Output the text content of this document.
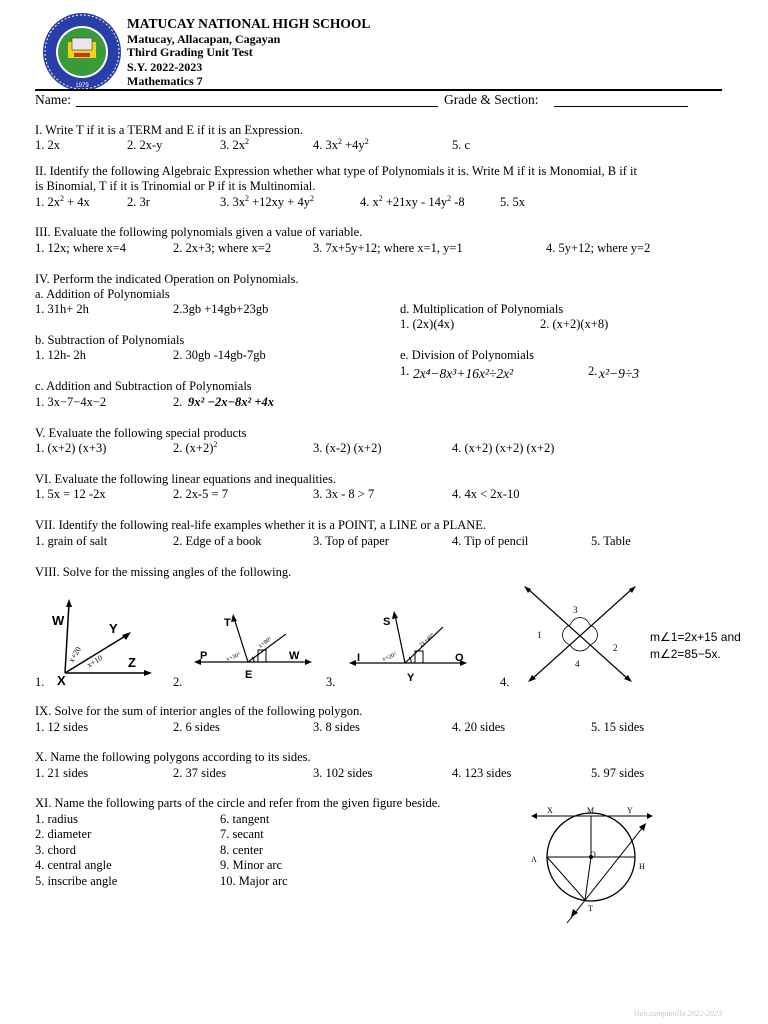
1979
MATUCAY NATIONAL HIGH SCHOOL
Matucay, Allacapan, Cagayan
Third Grading Unit Test
S.Y. 2022-2023
Mathematics 7
Name:	Grade & Section:
I. Write T if it is a TERM and E if it is an Expression.
1. 2x	2. 2x-y	3. $2x^2$	4. $3x^2 +4y^2$	5. c
II. Identify the following Algebraic Expression whether what type of Polynomials it is. Write M if it is Monomial, B if it
is Binomial, T if it is Trinomial or P if it is Multinomial.
1. $2x^2 + 4x$	2. 3r	3. $3x^2 +12xy + 4y^2$	4. $x^2 +21xy - 14y^2$ -8	5. 5x
III. Evaluate the following polynomials given a value of variable.
1. 12x; where x=4	2. 2x+3; where x=2	3. 7x+5y+12; where x=1, y=1	4. 5y+12; where y=2
IV. Perform the indicated Operation on Polynomials.
a. Addition of Polynomials
1. 31h+ 2h	2.3gb +14gb+23gb	d. Multiplication of Polynomials
1. (2x)(4x)	2. (x+2)(x+8)
b. Subtraction of Polynomials
1. 12h- 2h	2. 30gb -14gb-7gb	e. Division of Polynomials
1. 2x⁴−8x³+16x²÷2x²	2. x²−9÷3
c. Addition and Subtraction of Polynomials
1. 3x−7−4x−2	2. 9x² −2x−8x² +4x
V. Evaluate the following special products
1. (x+2) (x+3)	2. $(x+2)^2$	3. (x-2) (x+2)	4. (x+2) (x+2) (x+2)
VI. Evaluate the following linear equations and inequalities.
1. 5x = 12 -2x	2. 2x-5 = 7	3. 3x - 8 > 7	4. 4x < 2x-10
VII. Identify the following real-life examples whether it is a POINT, a LINE or a PLANE.
1. grain of salt	2. Edge of a book	3. Top of paper	4. Tip of pencil	5. Table
VIII. Solve for the missing angles of the following.
W
Y
X
Z
x+20 x+10
1.
T
P	W
E
x+30°
x+80°
2.
S
I	O
Y
x+20°
2x+40°
3.
1
2
3
4
m∠1=2x+15 and
m∠2=85−5x.
4.
IX. Solve for the sum of interior angles of the following polygon.
1. 12 sides	2. 6 sides	3. 8 sides	4. 20 sides	5. 15 sides
X. Name the following polygons according to its sides.
1. 21 sides	2. 37 sides	3. 102 sides	4. 123 sides	5. 97 sides
XI. Name the following parts of the circle and refer from the given figure beside.
1. radius
2. diameter
3. chord
4. central angle
5. inscribe angle
6. tangent
7. secant
8. center
9. Minor arc
10. Major arc
X	M	Y
A
O
H
T
Vien.campanilla 2022-2023
